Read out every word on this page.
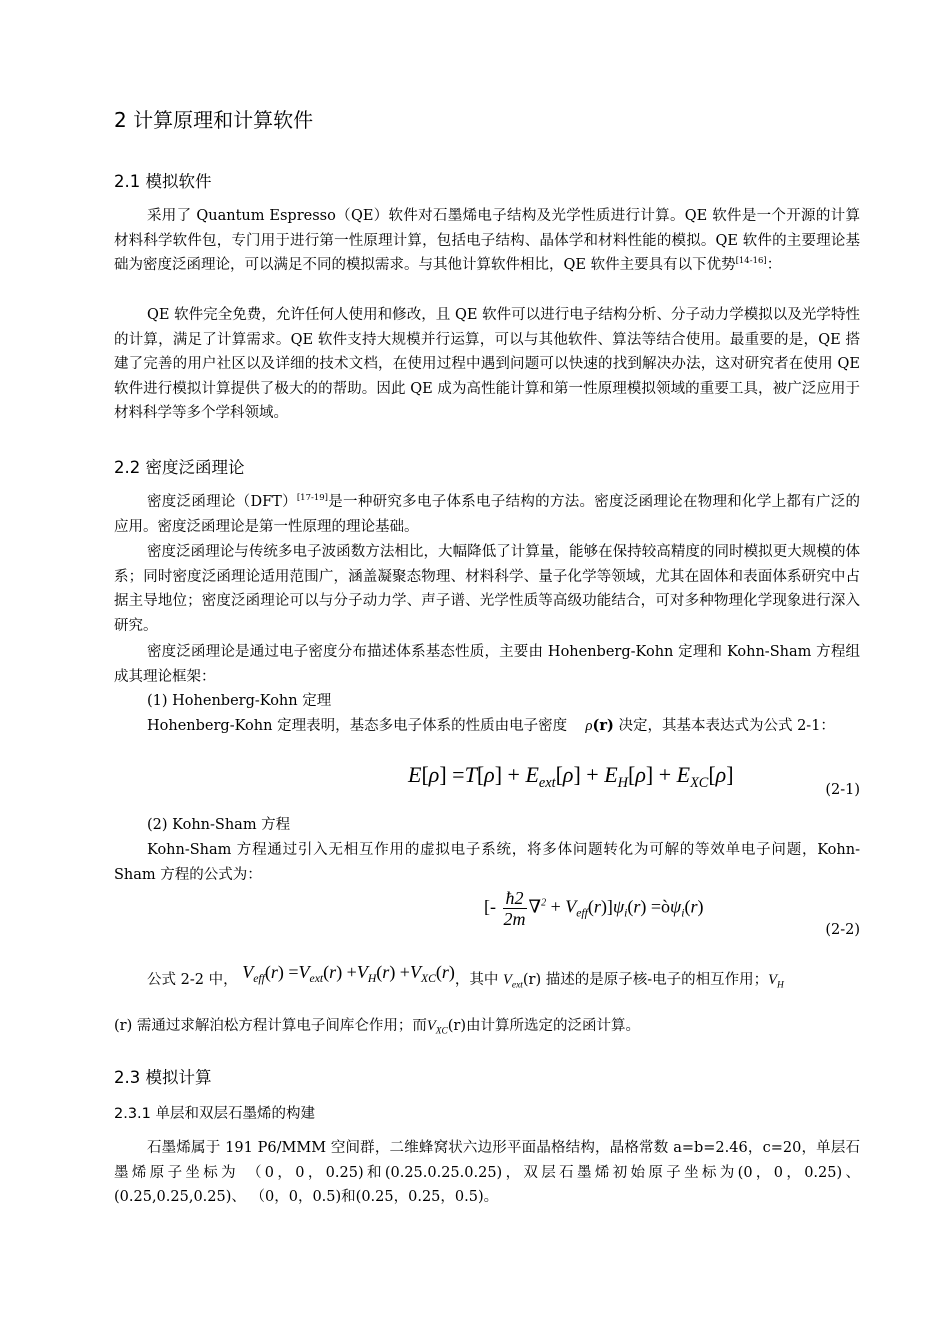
2 计算原理和计算软件
2.1 模拟软件

采用了 Quantum Espresso（QE）软件对石墨烯电子结构及光学性质进行计算。QE 软件是一个开源的计算材料科学软件包，专门用于进行第一性原理计算，包括电子结构、晶体学和材料性能的模拟。QE 软件的主要理论基础为密度泛函理论，可以满足不同的模拟需求。与其他计算软件相比，QE 软件主要具有以下优势[14-16]：

QE 软件完全免费，允许任何人使用和修改，且 QE 软件可以进行电子结构分析、分子动力学模拟以及光学特性的计算，满足了计算需求。QE 软件支持大规模并行运算，可以与其他软件、算法等结合使用。最重要的是，QE 搭建了完善的用户社区以及详细的技术文档，在使用过程中遇到问题可以快速的找到解决办法，这对研究者在使用 QE 软件进行模拟计算提供了极大的的帮助。因此 QE 成为高性能计算和第一性原理模拟领域的重要工具，被广泛应用于材料科学等多个学科领域。

2.2 密度泛函理论

密度泛函理论（DFT）[17-19]是一种研究多电子体系电子结构的方法。密度泛函理论在物理和化学上都有广泛的应用。密度泛函理论是第一性原理的理论基础。

密度泛函理论与传统多电子波函数方法相比，大幅降低了计算量，能够在保持较高精度的同时模拟更大规模的体系；同时密度泛函理论适用范围广，涵盖凝聚态物理、材料科学、量子化学等领域，尤其在固体和表面体系研究中占据主导地位；密度泛函理论可以与分子动力学、声子谱、光学性质等高级功能结合，可对多种物理化学现象进行深入研究。

密度泛函理论是通过电子密度分布描述体系基态性质，主要由 Hohenberg-Kohn 定理和 Kohn-Sham 方程组成其理论框架：

(1) Hohenberg-Kohn 定理

Hohenberg-Kohn 定理表明，基态多电子体系的性质由电子密度 ρ(r) 决定，其基本表达式为公式 2-1：

$E[\rho] =T[\rho] + E_{ext}[\rho] + E_H[\rho] + E_{XC}[\rho]$
(2-1)
(2) Kohn-Sham 方程

Kohn-Sham 方程通过引入无相互作用的虚拟电子系统，将多体问题转化为可解的等效单电子问题，Kohn-Sham 方程的公式为：

[- $\frac{ħ2}{2m} \nabla^2 + V_{eff}(r)]\psi_i(r)$ $=ò\psi_i(r)$
(2-2)
公式 2-2 中， $V_{eff}(r) =V_{ext}(r) +V_H(r) +V_{XC}(r)$，其中 $V_{ext}(r)$ 描述的是原子核-电子的相互作用；$V_H$
(r) 需通过求解泊松方程计算电子间库仑作用；而$V_{XC}(r)$由计算所选定的泛函计算。
2.3 模拟计算
2.3.1 单层和双层石墨烯的构建

石墨烯属于 191 P6/MMM 空间群，二维蜂窝状六边形平面晶格结构，晶格常数 a=b=2.46，c=20，单层石墨烯原子坐标为 （0，0，0.25)和(0.25.0.25.0.25)，双层石墨烯初始原子坐标为(0，0，0.25)、(0.25,0.25,0.25)、 （0，0，0.5)和(0.25，0.25，0.5)。
